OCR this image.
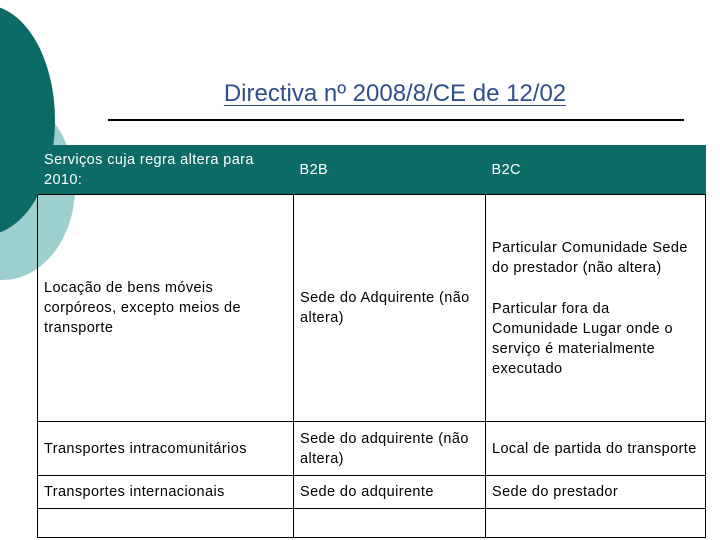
Directiva nº 2008/8/CE de 12/02
Serviços cuja regra altera para 2010:	B2B	B2C
Locação de bens móveis corpóreos, excepto meios de transporte	Sede do Adquirente (não altera)	Particular Comunidade Sede do prestador (não altera)
Particular fora da Comunidade Lugar onde o serviço é materialmente executado

Transportes intracomunitários	Sede do adquirente (não altera)	Local de partida do transporte
Transportes internacionais	Sede do adquirente	Sede do prestador
